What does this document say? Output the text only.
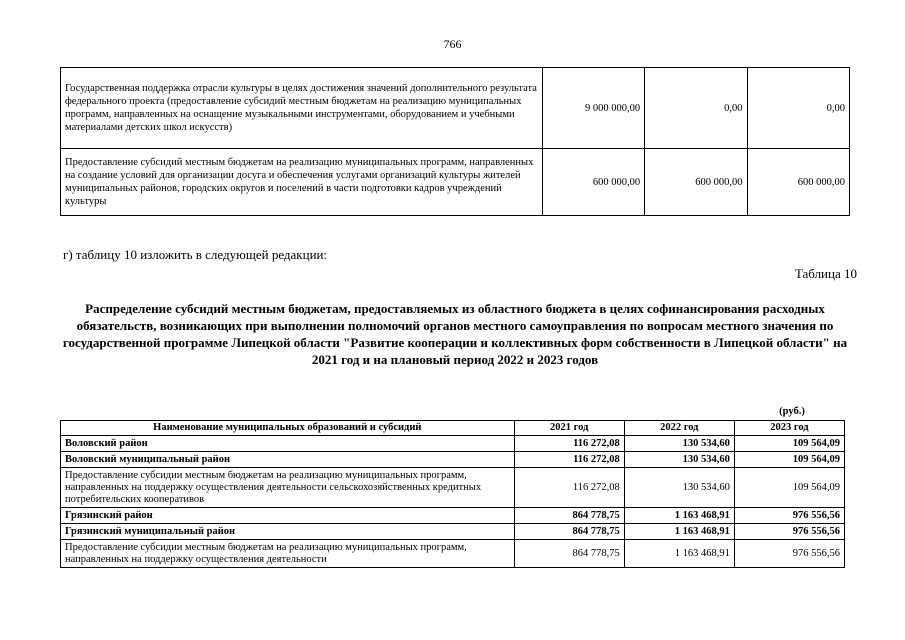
766
Государственная поддержка отрасли культуры в целях достижения значений дополнительного результата федерального проекта (предоставление субсидий местным бюджетам на реализацию муниципальных программ, направленных на оснащение музыкальными инструментами, оборудованием и учебными материалами детских школ искусств)	9 000 000,00	0,00	0,00
Предоставление субсидий местным бюджетам на реализацию муниципальных программ, направленных на создание условий для организации досуга и обеспечения услугами организаций культуры жителей муниципальных районов, городских округов и поселений в части подготовки кадров учреждений культуры	600 000,00	600 000,00	600 000,00
г) таблицу 10 изложить в следующей редакции:
Таблица 10
Распределение субсидий местным бюджетам, предоставляемых из областного бюджета в целях софинансирования расходных обязательств, возникающих при выполнении полномочий органов местного самоуправления по вопросам местного значения по государственной программе Липецкой области "Развитие кооперации и коллективных форм собственности в Липецкой области" на 2021 год и на плановый период 2022 и 2023 годов
(руб.)
Наименование муниципальных образований и субсидий	2021 год	2022 год	2023 год
Воловский район	116 272,08	130 534,60	109 564,09
Воловский муниципальный район	116 272,08	130 534,60	109 564,09
Предоставление субсидии местным бюджетам на реализацию муниципальных программ, направленных на поддержку осуществления деятельности сельскохозяйственных кредитных потребительских кооперативов	116 272,08	130 534,60	109 564,09
Грязинский район	864 778,75	1 163 468,91	976 556,56
Грязинский муниципальный район	864 778,75	1 163 468,91	976 556,56
Предоставление субсидии местным бюджетам на реализацию муниципальных программ, направленных на поддержку осуществления деятельности	864 778,75	1 163 468,91	976 556,56
